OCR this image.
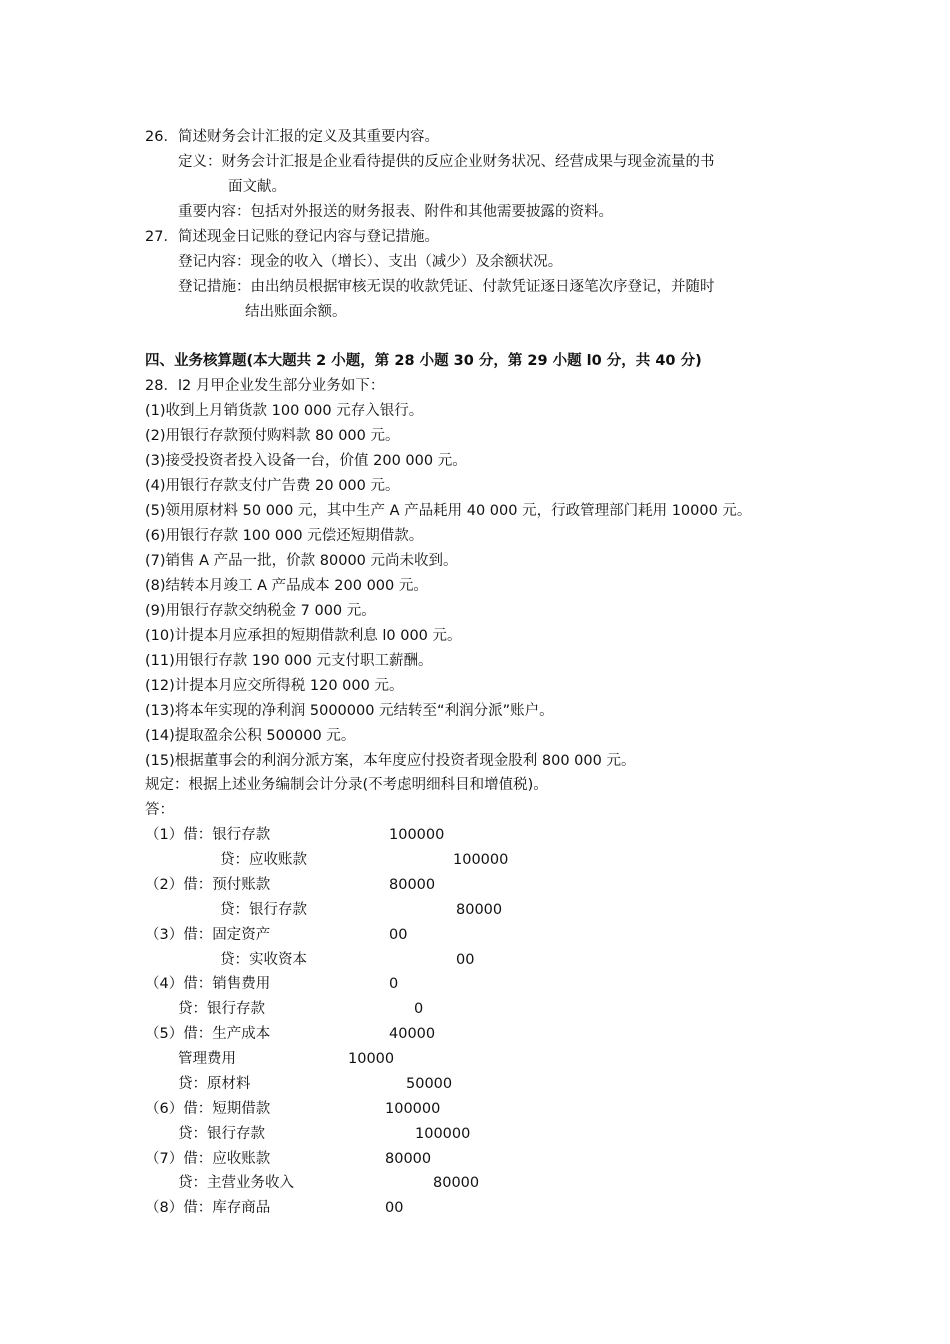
26．简述财务会计汇报的定义及其重要内容。
定义：财务会计汇报是企业看待提供的反应企业财务状况、经营成果与现金流量的书
面文献。
重要内容：包括对外报送的财务报表、附件和其他需要披露的资料。
27．简述现金日记账的登记内容与登记措施。
登记内容：现金的收入（增长）、支出（减少）及余额状况。
登记措施：由出纳员根据审核无误的收款凭证、付款凭证逐日逐笔次序登记，并随时
结出账面余额。
四、业务核算题(本大题共 2 小题，第 28 小题 30 分，第 29 小题 l0 分，共 40 分)
28．l2 月甲企业发生部分业务如下：
(1)收到上月销货款 100 000 元存入银行。
(2)用银行存款预付购料款 80 000 元。
(3)接受投资者投入设备一台，价值 200 000 元。
(4)用银行存款支付广告费 20 000 元。
(5)领用原材料 50 000 元，其中生产 A 产品耗用 40 000 元，行政管理部门耗用 10000 元。
(6)用银行存款 100 000 元偿还短期借款。
(7)销售 A 产品一批，价款 80000 元尚未收到。
(8)结转本月竣工 A 产品成本 200 000 元。
(9)用银行存款交纳税金 7 000 元。
(10)计提本月应承担的短期借款利息 l0 000 元。
(11)用银行存款 190 000 元支付职工薪酬。
(12)计提本月应交所得税 120 000 元。
(13)将本年实现的净利润 5000000 元结转至“利润分派”账户。
(14)提取盈余公积 500000 元。
(15)根据董事会的利润分派方案，本年度应付投资者现金股利 800 000 元。
规定：根据上述业务编制会计分录(不考虑明细科目和增值税)。
答：
（1）借：银行存款	100000
贷：应收账款	100000
（2）借：预付账款	80000
贷：银行存款	80000
（3）借：固定资产	00
贷：实收资本	00
（4）借：销售费用	0
贷：银行存款	0
（5）借：生产成本	40000
管理费用	10000
贷：原材料	50000
（6）借：短期借款	100000
贷：银行存款	100000
（7）借：应收账款	80000
贷：主营业务收入	80000
（8）借：库存商品	00
